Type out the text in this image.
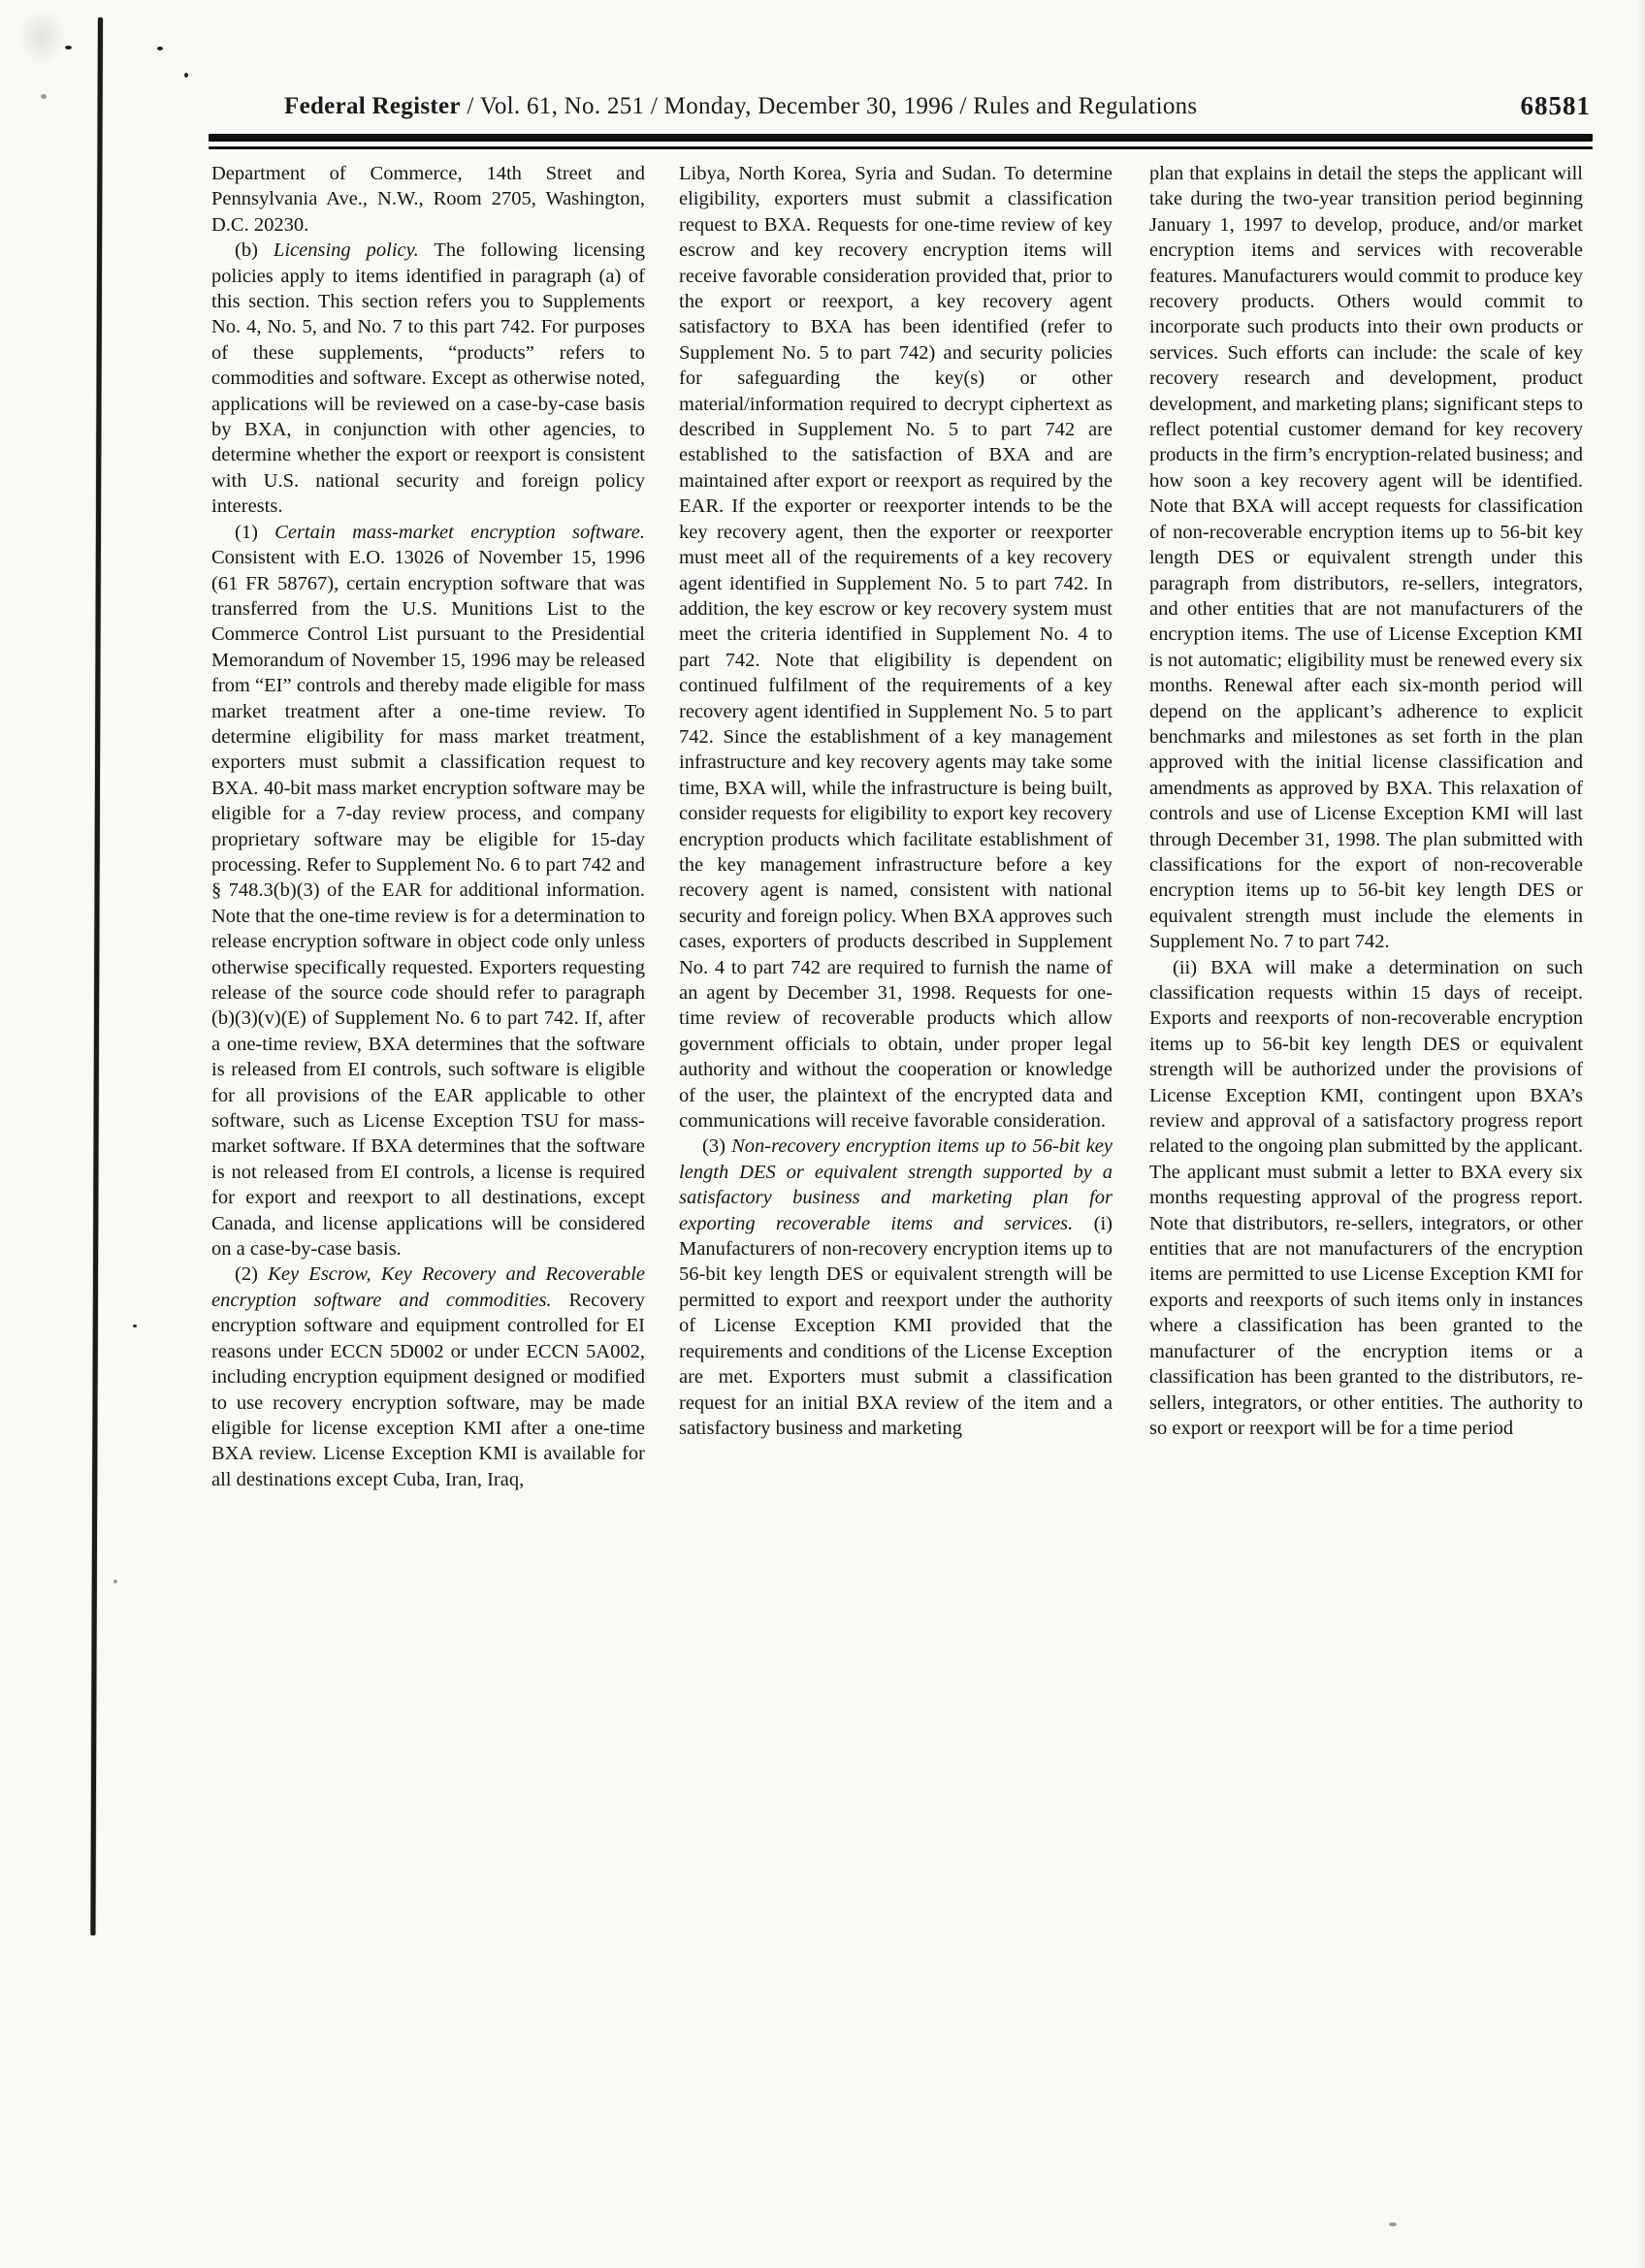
Federal Register / Vol. 61, No. 251 / Monday, December 30, 1996 / Rules and Regulations	68581

Department of Commerce, 14th Street and Pennsylvania Ave., N.W., Room 2705, Washington, D.C. 20230.

(b) Licensing policy. The following licensing policies apply to items identified in paragraph (a) of this section. This section refers you to Supplements No. 4, No. 5, and No. 7 to this part 742. For purposes of these supplements, “products” refers to commodities and software. Except as otherwise noted, applications will be reviewed on a case-by-case basis by BXA, in conjunction with other agencies, to determine whether the export or reexport is consistent with U.S. national security and foreign policy interests.

(1) Certain mass-market encryption software. Consistent with E.O. 13026 of November 15, 1996 (61 FR 58767), certain encryption software that was transferred from the U.S. Munitions List to the Commerce Control List pursuant to the Presidential Memorandum of November 15, 1996 may be released from “EI” controls and thereby made eligible for mass market treatment after a one-time review. To determine eligibility for mass market treatment, exporters must submit a classification request to BXA. 40-bit mass market encryption software may be eligible for a 7-day review process, and company proprietary software may be eligible for 15-day processing. Refer to Supplement No. 6 to part 742 and § 748.3(b)(3) of the EAR for additional information. Note that the one-time review is for a determination to release encryption software in object code only unless otherwise specifically requested. Exporters requesting release of the source code should refer to paragraph (b)(3)(v)(E) of Supplement No. 6 to part 742. If, after a one-time review, BXA determines that the software is released from EI controls, such software is eligible for all provisions of the EAR applicable to other software, such as License Exception TSU for mass-market software. If BXA determines that the software is not released from EI controls, a license is required for export and reexport to all destinations, except Canada, and license applications will be considered on a case-by-case basis.

(2) Key Escrow, Key Recovery and Recoverable encryption software and commodities. Recovery encryption software and equipment controlled for EI reasons under ECCN 5D002 or under ECCN 5A002, including encryption equipment designed or modified to use recovery encryption software, may be made eligible for license exception KMI after a one-time BXA review. License Exception KMI is available for all destinations except Cuba, Iran, Iraq,

Libya, North Korea, Syria and Sudan. To determine eligibility, exporters must submit a classification request to BXA. Requests for one-time review of key escrow and key recovery encryption items will receive favorable consideration provided that, prior to the export or reexport, a key recovery agent satisfactory to BXA has been identified (refer to Supplement No. 5 to part 742) and security policies for safeguarding the key(s) or other material/information required to decrypt ciphertext as described in Supplement No. 5 to part 742 are established to the satisfaction of BXA and are maintained after export or reexport as required by the EAR. If the exporter or reexporter intends to be the key recovery agent, then the exporter or reexporter must meet all of the requirements of a key recovery agent identified in Supplement No. 5 to part 742. In addition, the key escrow or key recovery system must meet the criteria identified in Supplement No. 4 to part 742. Note that eligibility is dependent on continued fulfilment of the requirements of a key recovery agent identified in Supplement No. 5 to part 742. Since the establishment of a key management infrastructure and key recovery agents may take some time, BXA will, while the infrastructure is being built, consider requests for eligibility to export key recovery encryption products which facilitate establishment of the key management infrastructure before a key recovery agent is named, consistent with national security and foreign policy. When BXA approves such cases, exporters of products described in Supplement No. 4 to part 742 are required to furnish the name of an agent by December 31, 1998. Requests for one-time review of recoverable products which allow government officials to obtain, under proper legal authority and without the cooperation or knowledge of the user, the plaintext of the encrypted data and communications will receive favorable consideration.

(3) Non-recovery encryption items up to 56-bit key length DES or equivalent strength supported by a satisfactory business and marketing plan for exporting recoverable items and services. (i) Manufacturers of non-recovery encryption items up to 56-bit key length DES or equivalent strength will be permitted to export and reexport under the authority of License Exception KMI provided that the requirements and conditions of the License Exception are met. Exporters must submit a classification request for an initial BXA review of the item and a satisfactory business and marketing

plan that explains in detail the steps the applicant will take during the two-year transition period beginning January 1, 1997 to develop, produce, and/or market encryption items and services with recoverable features. Manufacturers would commit to produce key recovery products. Others would commit to incorporate such products into their own products or services. Such efforts can include: the scale of key recovery research and development, product development, and marketing plans; significant steps to reflect potential customer demand for key recovery products in the firm’s encryption-related business; and how soon a key recovery agent will be identified. Note that BXA will accept requests for classification of non-recoverable encryption items up to 56-bit key length DES or equivalent strength under this paragraph from distributors, re-sellers, integrators, and other entities that are not manufacturers of the encryption items. The use of License Exception KMI is not automatic; eligibility must be renewed every six months. Renewal after each six-month period will depend on the applicant’s adherence to explicit benchmarks and milestones as set forth in the plan approved with the initial license classification and amendments as approved by BXA. This relaxation of controls and use of License Exception KMI will last through December 31, 1998. The plan submitted with classifications for the export of non-recoverable encryption items up to 56-bit key length DES or equivalent strength must include the elements in Supplement No. 7 to part 742.

(ii) BXA will make a determination on such classification requests within 15 days of receipt. Exports and reexports of non-recoverable encryption items up to 56-bit key length DES or equivalent strength will be authorized under the provisions of License Exception KMI, contingent upon BXA’s review and approval of a satisfactory progress report related to the ongoing plan submitted by the applicant. The applicant must submit a letter to BXA every six months requesting approval of the progress report. Note that distributors, re-sellers, integrators, or other entities that are not manufacturers of the encryption items are permitted to use License Exception KMI for exports and reexports of such items only in instances where a classification has been granted to the manufacturer of the encryption items or a classification has been granted to the distributors, re-sellers, integrators, or other entities. The authority to so export or reexport will be for a time period
